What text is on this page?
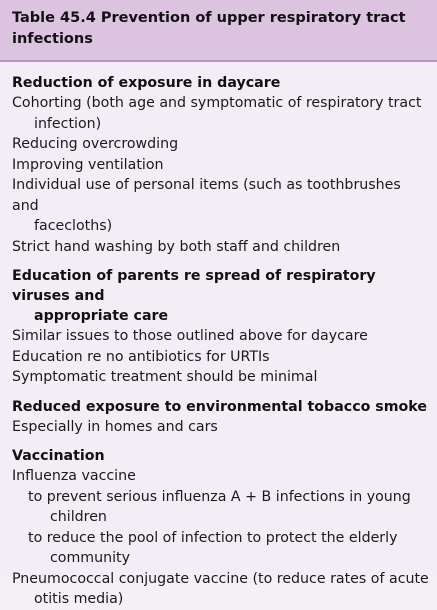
Table 45.4 Prevention of upper respiratory tract

infections

Reduction of exposure in daycare

Cohorting (both age and symptomatic of respiratory tract

infection)

Reducing overcrowding

Improving ventilation

Individual use of personal items (such as toothbrushes and

facecloths)

Strict hand washing by both staff and children

Education of parents re spread of respiratory viruses and

appropriate care

Similar issues to those outlined above for daycare

Education re no antibiotics for URTIs

Symptomatic treatment should be minimal

Reduced exposure to environmental tobacco smoke

Especially in homes and cars

Vaccination

Influenza vaccine

to prevent serious influenza A + B infections in young

children

to reduce the pool of infection to protect the elderly

community

Pneumococcal conjugate vaccine (to reduce rates of acute

otitis media)
